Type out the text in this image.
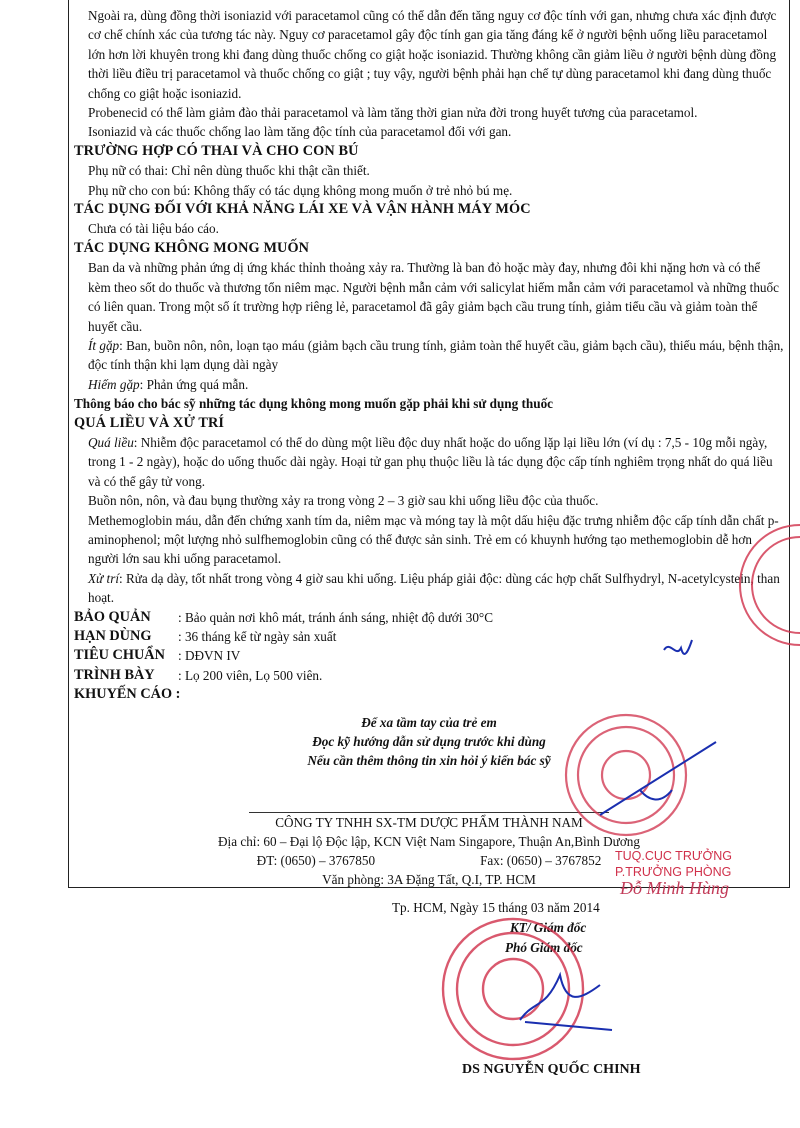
Ngoài ra, dùng đồng thời isoniazid với paracetamol cũng có thể dẫn đến tăng nguy cơ độc tính với gan, nhưng chưa xác định được cơ chế chính xác của tương tác này. Nguy cơ paracetamol gây độc tính gan gia tăng đáng kể ở người bệnh uống liều paracetamol lớn hơn lời khuyên trong khi đang dùng thuốc chống co giật hoặc isoniazid. Thường không cần giảm liều ở người bệnh dùng đồng thời liều điều trị paracetamol và thuốc chống co giật ; tuy vậy, người bệnh phải hạn chế tự dùng paracetamol khi đang dùng thuốc chống co giật hoặc isoniazid.

Probenecid có thể làm giảm đào thải paracetamol và làm tăng thời gian nửa đời trong huyết tương của paracetamol.

Isoniazid và các thuốc chống lao làm tăng độc tính của paracetamol đối với gan.

TRƯỜNG HỢP CÓ THAI VÀ CHO CON BÚ

Phụ nữ có thai: Chỉ nên dùng thuốc khi thật cần thiết.

Phụ nữ cho con bú: Không thấy có tác dụng không mong muốn ở trẻ nhỏ bú mẹ.

TÁC DỤNG ĐỐI VỚI KHẢ NĂNG LÁI XE VÀ VẬN HÀNH MÁY MÓC

Chưa có tài liệu báo cáo.

TÁC DỤNG KHÔNG MONG MUỐN

Ban da và những phản ứng dị ứng khác thỉnh thoảng xảy ra. Thường là ban đỏ hoặc mày đay, nhưng đôi khi nặng hơn và có thể kèm theo sốt do thuốc và thương tổn niêm mạc. Người bệnh mẫn cảm với salicylat hiếm mẫn cảm với paracetamol và những thuốc có liên quan. Trong một số ít trường hợp riêng lẻ, paracetamol đã gây giảm bạch cầu trung tính, giảm tiểu cầu và giảm toàn thể huyết cầu.

Ít gặp: Ban, buồn nôn, nôn, loạn tạo máu (giảm bạch cầu trung tính, giảm toàn thể huyết cầu, giảm bạch cầu), thiếu máu, bệnh thận, độc tính thận khi lạm dụng dài ngày

Hiếm gặp: Phản ứng quá mẫn.

Thông báo cho bác sỹ những tác dụng không mong muốn gặp phải khi sử dụng thuốc

QUÁ LIỀU VÀ XỬ TRÍ

Quá liều: Nhiễm độc paracetamol có thể do dùng một liều độc duy nhất hoặc do uống lặp lại liều lớn (ví dụ : 7,5 - 10g mỗi ngày, trong 1 - 2 ngày), hoặc do uống thuốc dài ngày. Hoại tử gan phụ thuộc liều là tác dụng độc cấp tính nghiêm trọng nhất do quá liều và có thể gây tử vong.

Buồn nôn, nôn, và đau bụng thường xảy ra trong vòng 2 – 3 giờ sau khi uống liều độc của thuốc.

Methemoglobin máu, dẫn đến chứng xanh tím da, niêm mạc và móng tay là một dấu hiệu đặc trưng nhiễm độc cấp tính dẫn chất p-aminophenol; một lượng nhỏ sulfhemoglobin cũng có thể được sản sinh. Trẻ em có khuynh hướng tạo methemoglobin dễ hơn người lớn sau khi uống paracetamol.

Xử trí: Rửa dạ dày, tốt nhất trong vòng 4 giờ sau khi uống. Liệu pháp giải độc: dùng các hợp chất Sulfhydryl, N-acetylcystein, than hoạt.

BẢO QUẢN	: Bảo quản nơi khô mát, tránh ánh sáng, nhiệt độ dưới 30°C
HẠN DÙNG	: 36 tháng kể từ ngày sản xuất
TIÊU CHUẨN : DĐVN IV
TRÌNH BÀY	: Lọ 200 viên, Lọ 500 viên.
KHUYẾN CÁO :

Để xa tầm tay của trẻ em

Đọc kỹ hướng dẫn sử dụng trước khi dùng

Nếu cần thêm thông tin xin hỏi ý kiến bác sỹ

CÔNG TY TNHH SX-TM DƯỢC PHẨM THÀNH NAM
Địa chỉ: 60 – Đại lộ Độc lập, KCN Việt Nam Singapore, Thuận An,Bình Dương
ĐT: (0650) – 3767850	Fax: (0650) – 3767852
Văn phòng: 3A Đặng Tất, Q.I, TP. HCM
TUQ.CỤC TRƯỞNG
P.TRƯỞNG PHÒNG
Đỗ Minh Hùng
Tp. HCM, Ngày 15 tháng 03 năm 2014
KT/ Giám đốc
Phó Giám đốc
DS NGUYỄN QUỐC CHINH
